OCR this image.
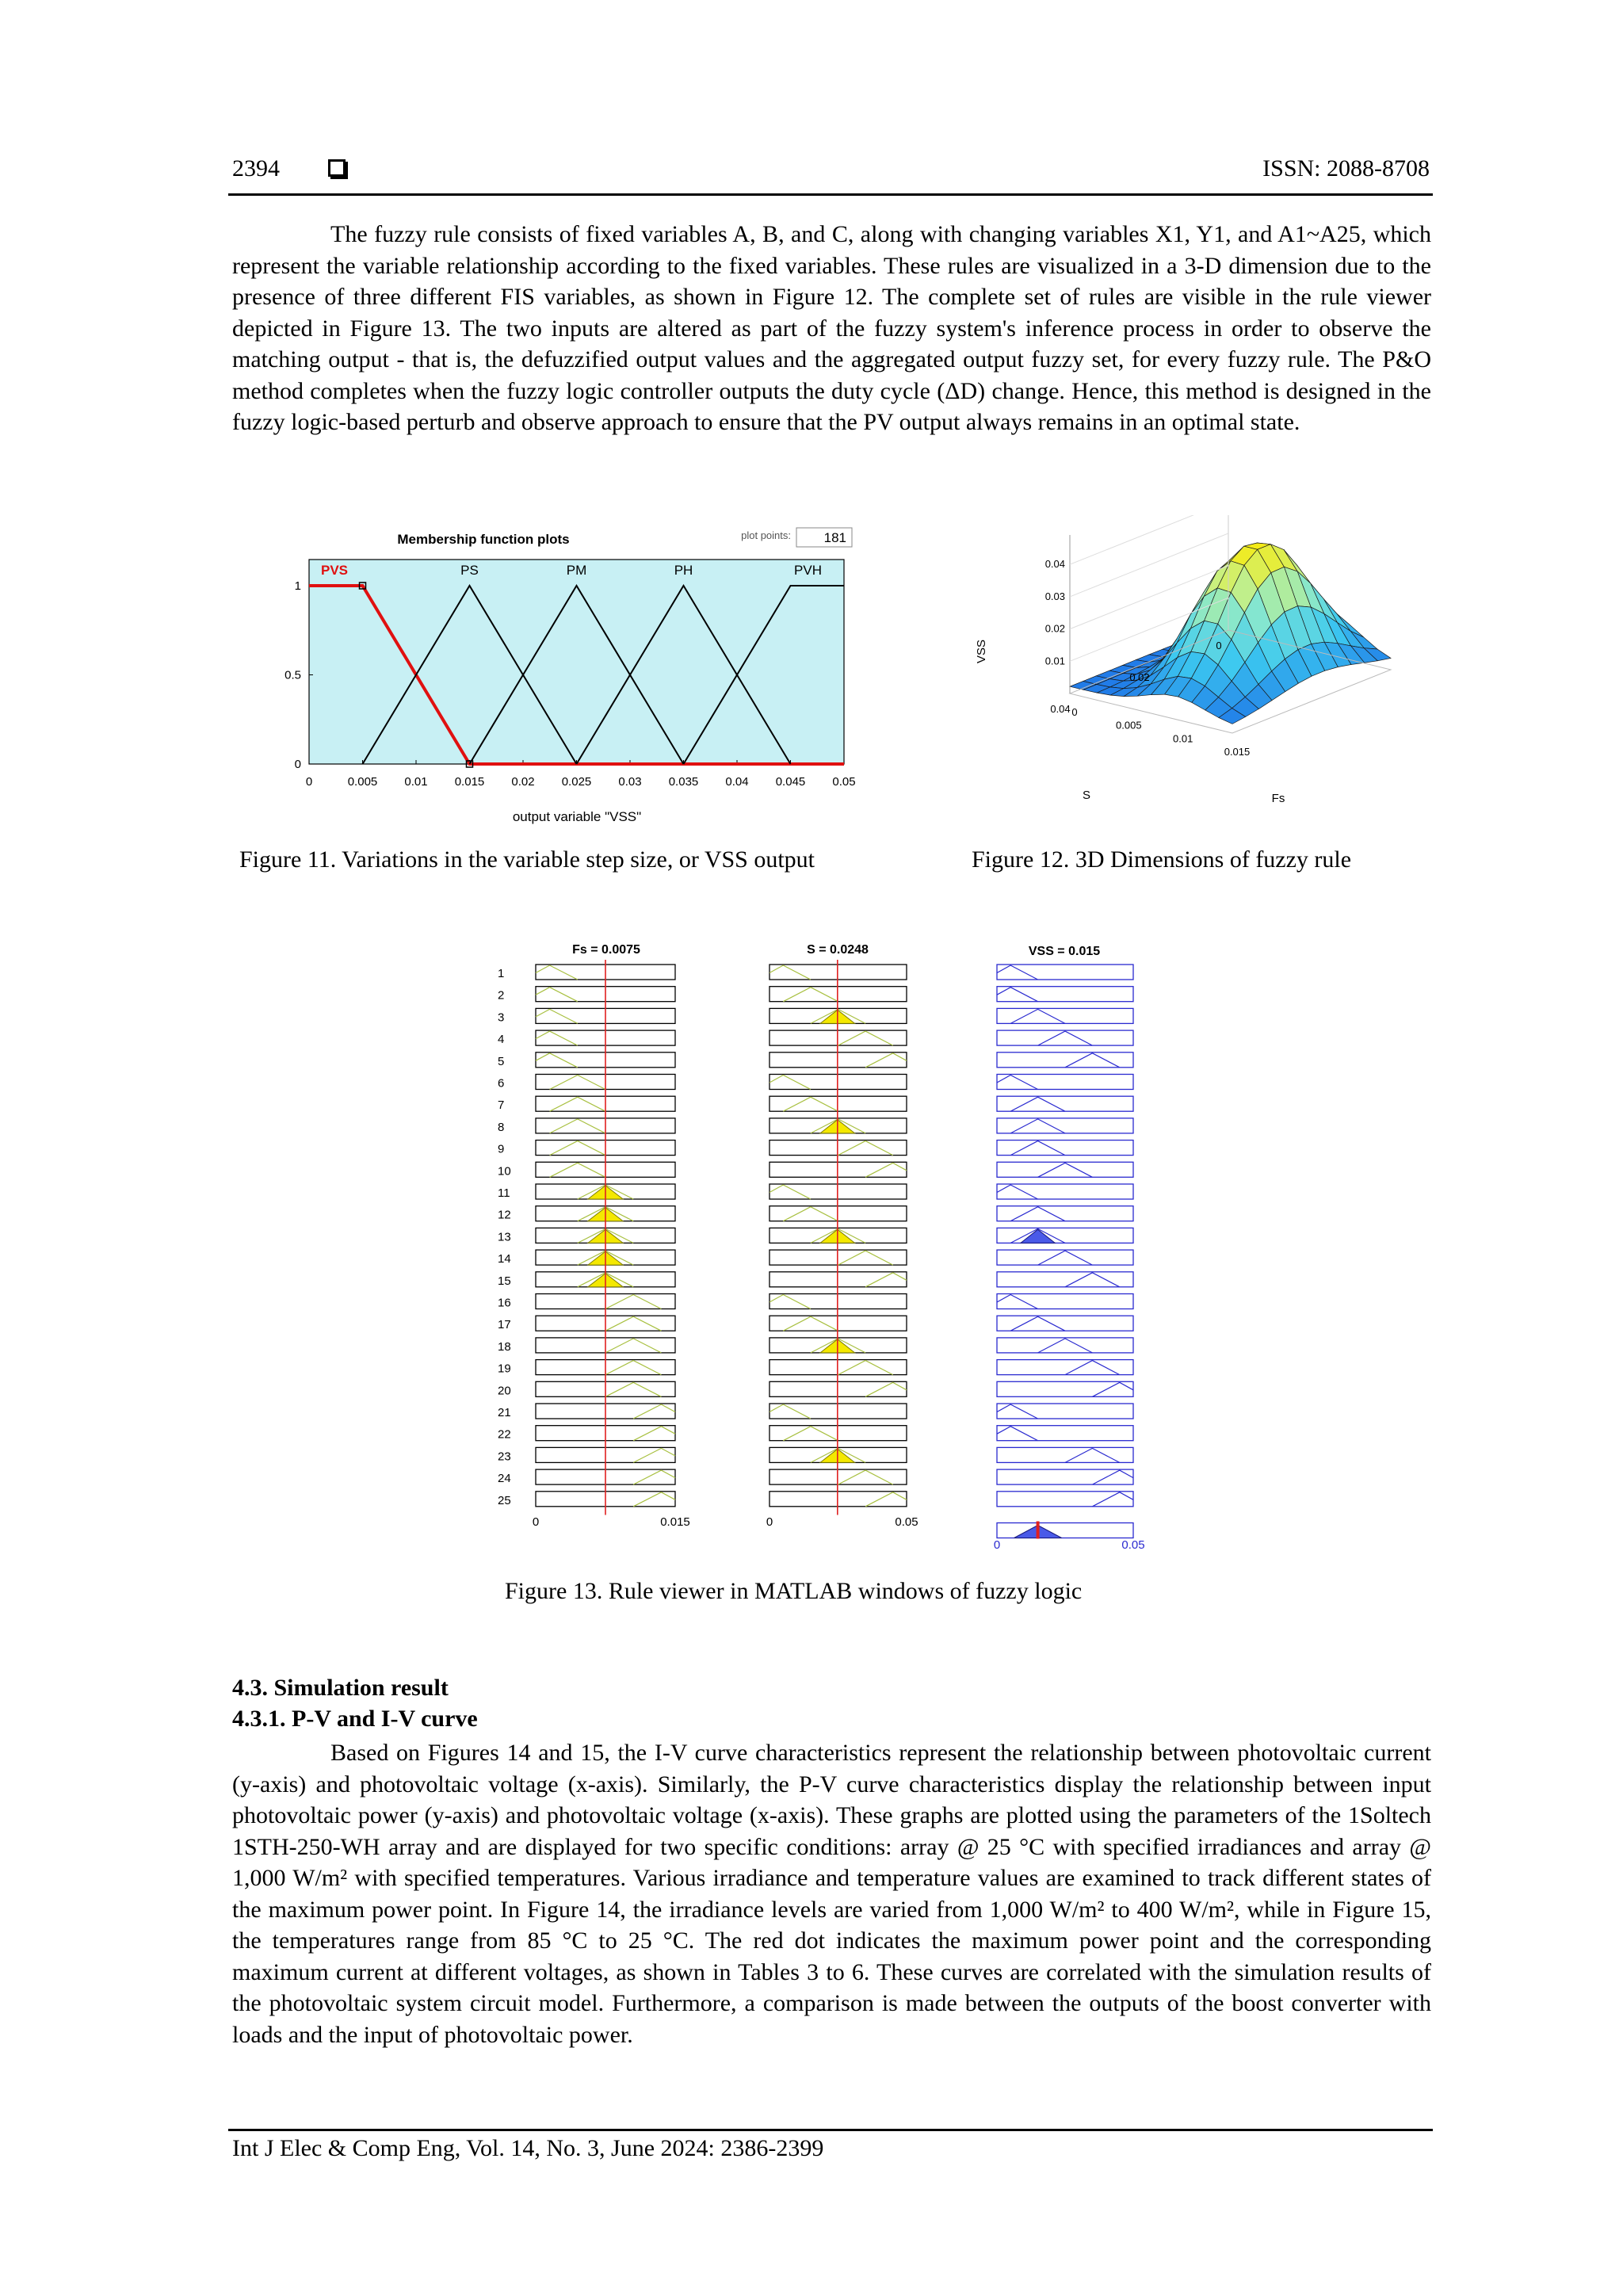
2394	ISSN: 2088-8708

The fuzzy rule consists of fixed variables A, B, and C, along with changing variables X1, Y1, and A1~A25, which represent the variable relationship according to the fixed variables. These rules are visualized in a 3-D dimension due to the presence of three different FIS variables, as shown in Figure 12. The complete set of rules are visible in the rule viewer depicted in Figure 13. The two inputs are altered as part of the fuzzy system's inference process in order to observe the matching output - that is, the defuzzified output values and the aggregated output fuzzy set, for every fuzzy rule. The P&O method completes when the fuzzy logic controller outputs the duty cycle (ΔD) change. Hence, this method is designed in the fuzzy logic-based perturb and observe approach to ensure that the PV output always remains in an optimal state.

Membership function plots	plot points: 181
0	0.005 0.01 0.015 0.02 0.025 0.03 0.035 0.04 0.045 0.05
0
0.5
1
PVS	PS	PM	PH	PVH
output variable "VSS"
Figure 11. Variations in the variable step size, or VSS output
0.01
0.02
0.03
0.04
0
0.02
0.04 0
0.005
0.01
0.015
VSS
S	Fs
Figure 12. 3D Dimensions of fuzzy rule
Fs = 0.0075	S = 0.0248	VSS = 0.015
1
2
3
4
5
6
7
8
9
10
11
12
13
14
15
16
17
18
19
20
21
22
23
24
25
0	0.015	0	0.05
0	0.05
Figure 13. Rule viewer in MATLAB windows of fuzzy logic
4.3. Simulation result
4.3.1. P-V and I-V curve

Based on Figures 14 and 15, the I-V curve characteristics represent the relationship between photovoltaic current (y-axis) and photovoltaic voltage (x-axis). Similarly, the P-V curve characteristics display the relationship between input photovoltaic power (y-axis) and photovoltaic voltage (x-axis). These graphs are plotted using the parameters of the 1Soltech 1STH-250-WH array and are displayed for two specific conditions: array @ 25 °C with specified irradiances and array @ 1,000 W/m² with specified temperatures. Various irradiance and temperature values are examined to track different states of the maximum power point. In Figure 14, the irradiance levels are varied from 1,000 W/m² to 400 W/m², while in Figure 15, the temperatures range from 85 °C to 25 °C. The red dot indicates the maximum power point and the corresponding maximum current at different voltages, as shown in Tables 3 to 6. These curves are correlated with the simulation results of the photovoltaic system circuit model. Furthermore, a comparison is made between the outputs of the boost converter with loads and the input of photovoltaic power.

Int J Elec & Comp Eng, Vol. 14, No. 3, June 2024: 2386-2399
